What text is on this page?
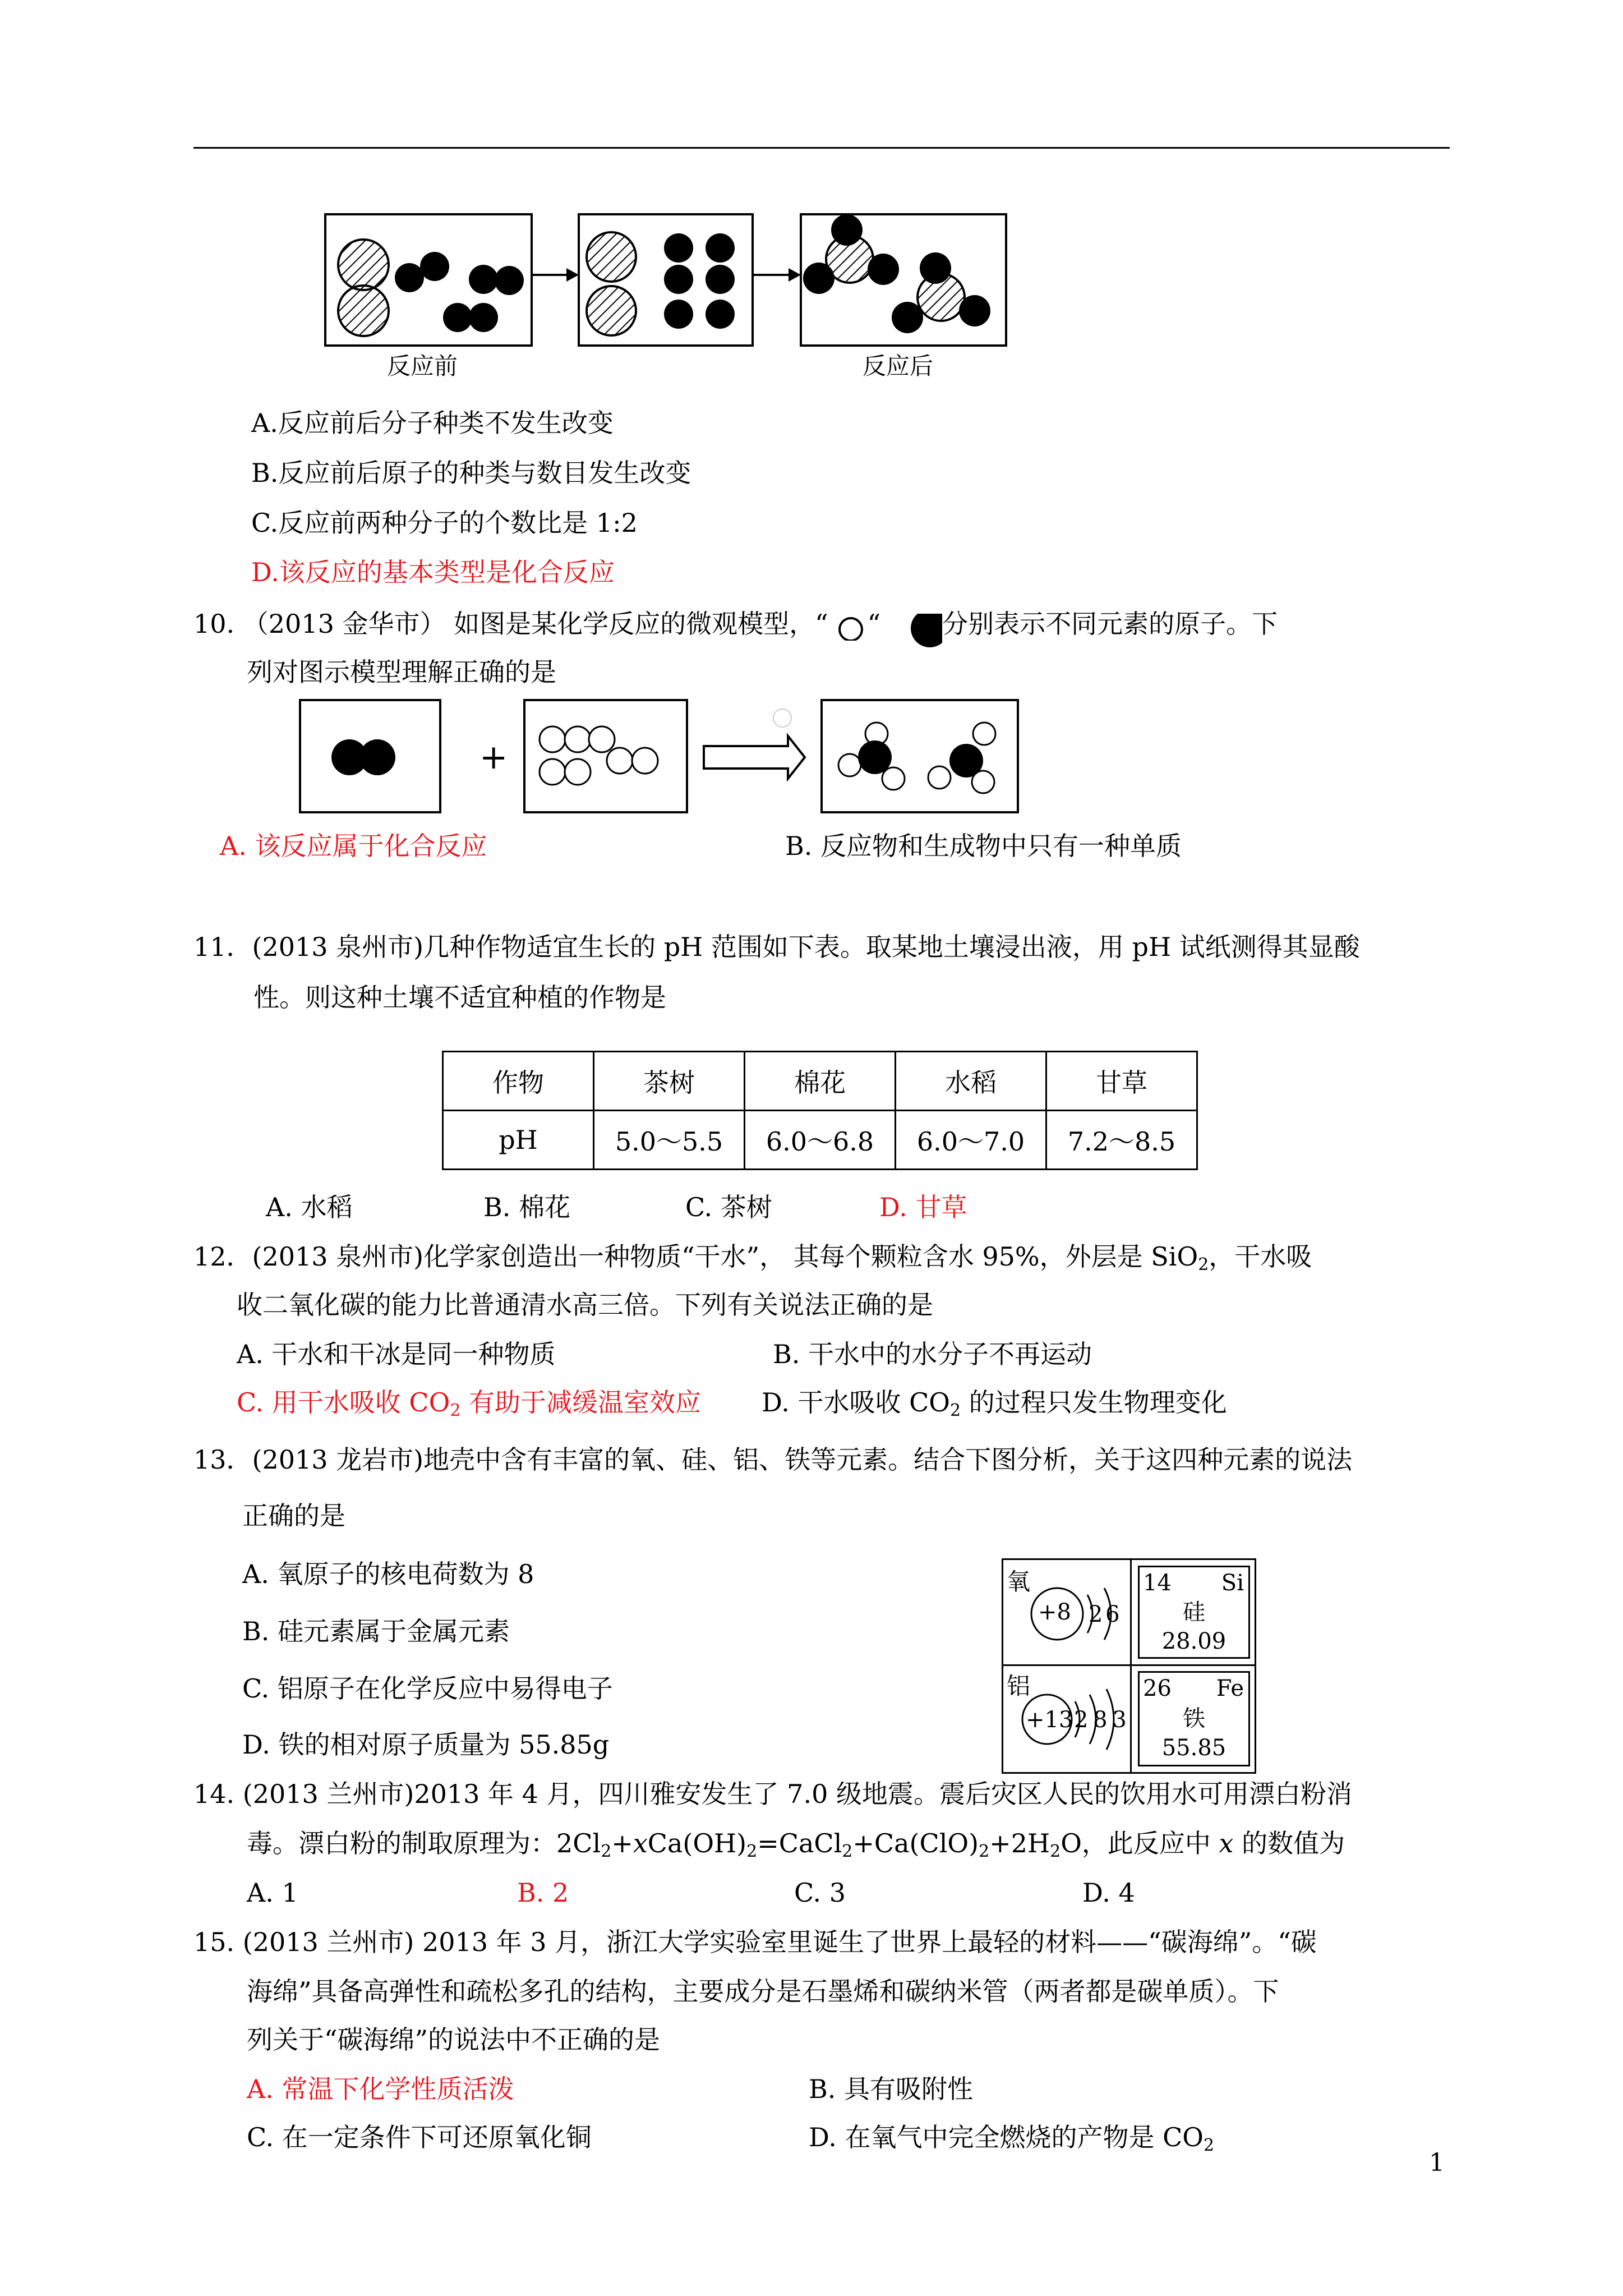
反应前	反应后
A.反应前后分子种类不发生改变
B.反应前后原子的种类与数目发生改变
C.反应前两种分子的个数比是 1:2
D.该反应的基本类型是化合反应
10. （2013 金华市） 如图是某化学反应的微观模型，“ “ 分别表示不同元素的原子。下
列对图示模型理解正确的是
+
A. 该反应属于化合反应	B. 反应物和生成物中只有一种单质
11．(2013 泉州市)几种作物适宜生长的 pH 范围如下表。取某地土壤浸出液，用 pH 试纸测得其显酸
性。则这种土壤不适宜种植的作物是
作物	茶树	棉花	水稻	甘草
pH	5.0～5.5	6.0～6.8	6.0～7.0	7.2～8.5
A. 水稻	B. 棉花	C. 茶树	D. 甘草
12．(2013 泉州市)化学家创造出一种物质“干水”， 其每个颗粒含水 95%，外层是 SiO$_2$，干水吸
收二氧化碳的能力比普通清水高三倍。下列有关说法正确的是
A. 干水和干冰是同一种物质	B. 干水中的水分子不再运动
C. 用干水吸收 $CO_2$ 有助于减缓温室效应 D. 干水吸收 $CO_2$ 的过程只发生物理变化
13．(2013 龙岩市)地壳中含有丰富的氧、硅、铝、铁等元素。结合下图分析，关于这四种元素的说法
正确的是
A. 氧原子的核电荷数为 8
B. 硅元素属于金属元素
C. 铝原子在化学反应中易得电子
D. 铁的相对原子质量为 55.85g
氧
+8 2 6
铝
+13 2 8 3
14 Si
硅
28.09
26 Fe
铁
55.85
14. (2013 兰州市)2013 年 4 月，四川雅安发生了 7.0 级地震。震后灾区人民的饮用水可用漂白粉消
毒。漂白粉的制取原理为：$2Cl_2+xCa(OH)_2=CaCl_2+Ca(ClO)_2+2H_2O$，此反应中 x 的数值为
A. 1	B. 2	C. 3	D. 4
15. (2013 兰州市) 2013 年 3 月，浙江大学实验室里诞生了世界上最轻的材料——“碳海绵”。“碳
海绵”具备高弹性和疏松多孔的结构，主要成分是石墨烯和碳纳米管（两者都是碳单质）。下
列关于“碳海绵”的说法中不正确的是
A. 常温下化学性质活泼	B. 具有吸附性
C. 在一定条件下可还原氧化铜	D. 在氧气中完全燃烧的产物是 $CO_2$
1
